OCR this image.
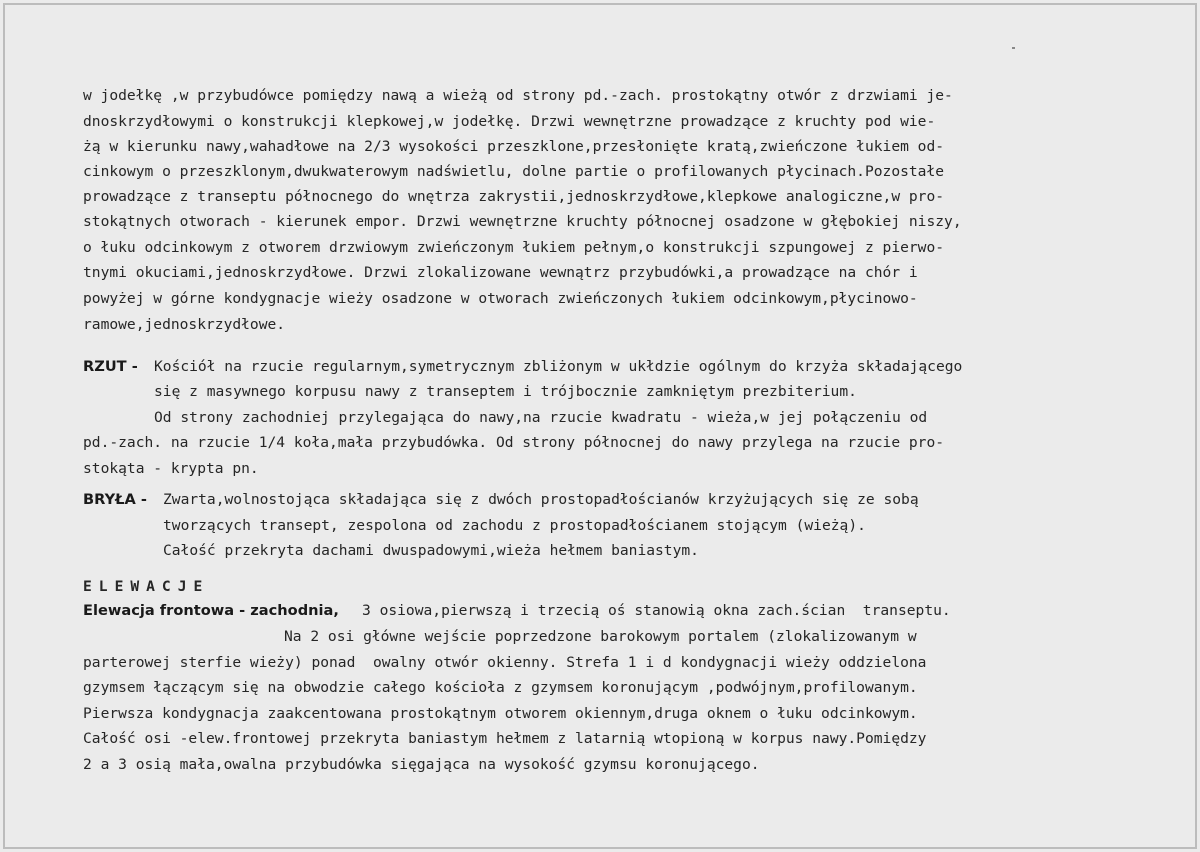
w jodełkę ,w przybudówce pomiędzy nawą a wieżą od strony pd.-zach. prostokątny otwór z drzwiami je-
dnoskrzydłowymi o konstrukcji klepkowej,w jodełkę. Drzwi wewnętrzne prowadzące z kruchty pod wie-
żą w kierunku nawy,wahadłowe na 2/3 wysokości przeszklone,przesłonięte kratą,zwieńczone łukiem od-
cinkowym o przeszklonym,dwukwaterowym nadświetlu, dolne partie o profilowanych płycinach.Pozostałe
prowadzące z transeptu północnego do wnętrza zakrystii,jednoskrzydłowe,klepkowe analogiczne,w pro-
stokątnych otworach - kierunek empor. Drzwi wewnętrzne kruchty północnej osadzone w głębokiej niszy,
o łuku odcinkowym z otworem drzwiowym zwieńczonym łukiem pełnym,o konstrukcji szpungowej z pierwo-
tnymi okuciami,jednoskrzydłowe. Drzwi zlokalizowane wewnątrz przybudówki,a prowadzące na chór i
powyżej w górne kondygnacje wieży osadzone w otworach zwieńczonych łukiem odcinkowym,płycinowo-
ramowe,jednoskrzydłowe.
RZUT - Kościół na rzucie regularnym,symetrycznym zbliżonym w ukłdzie ogólnym do krzyża składającego
się z masywnego korpusu nawy z transeptem i trójbocznie zamkniętym prezbiterium.
Od strony zachodniej przylegająca do nawy,na rzucie kwadratu - wieża,w jej połączeniu od
pd.-zach. na rzucie 1/4 koła,mała przybudówka. Od strony północnej do nawy przylega na rzucie pro-
stokąta - krypta pn.
BRYŁA - Zwarta,wolnostojąca składająca się z dwóch prostopadłościanów krzyżujących się ze sobą
tworzących transept, zespolona od zachodu z prostopadłościanem stojącym (wieżą).
Całość przekryta dachami dwuspadowymi,wieża hełmem baniastym.
ELEWACJE
Elewacja frontowa - zachodnia, 3 osiowa,pierwszą i trzecią oś stanowią okna zach.ścian  transeptu.
Na 2 osi główne wejście poprzedzone barokowym portalem (zlokalizowanym w
parterowej sterfie wieży) ponad  owalny otwór okienny. Strefa 1 i d kondygnacji wieży oddzielona
gzymsem łączącym się na obwodzie całego kościoła z gzymsem koronującym ,podwójnym,profilowanym.
Pierwsza kondygnacja zaakcentowana prostokątnym otworem okiennym,druga oknem o łuku odcinkowym.
Całość osi -elew.frontowej przekryta baniastym hełmem z latarnią wtopioną w korpus nawy.Pomiędzy
2 a 3 osią mała,owalna przybudówka sięgająca na wysokość gzymsu koronującego.
